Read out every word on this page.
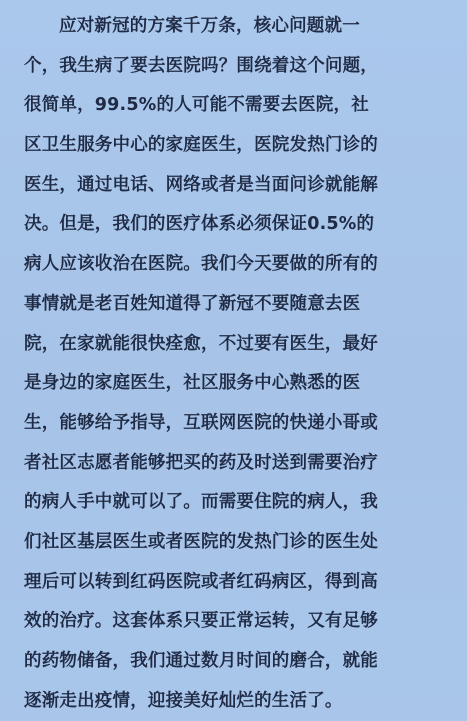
应对新冠的方案千万条，核心问题就一
个，我生病了要去医院吗？围绕着这个问题，
很简单，99.5%的人可能不需要去医院，社
区卫生服务中心的家庭医生，医院发热门诊的
医生，通过电话、网络或者是当面问诊就能解
决。但是，我们的医疗体系必须保证0.5%的
病人应该收治在医院。我们今天要做的所有的
事情就是老百姓知道得了新冠不要随意去医
院，在家就能很快痊愈，不过要有医生，最好
是身边的家庭医生，社区服务中心熟悉的医
生，能够给予指导，互联网医院的快递小哥或
者社区志愿者能够把买的药及时送到需要治疗
的病人手中就可以了。而需要住院的病人，我
们社区基层医生或者医院的发热门诊的医生处
理后可以转到红码医院或者红码病区，得到高
效的治疗。这套体系只要正常运转，又有足够
的药物储备，我们通过数月时间的磨合，就能
逐渐走出疫情，迎接美好灿烂的生活了。
